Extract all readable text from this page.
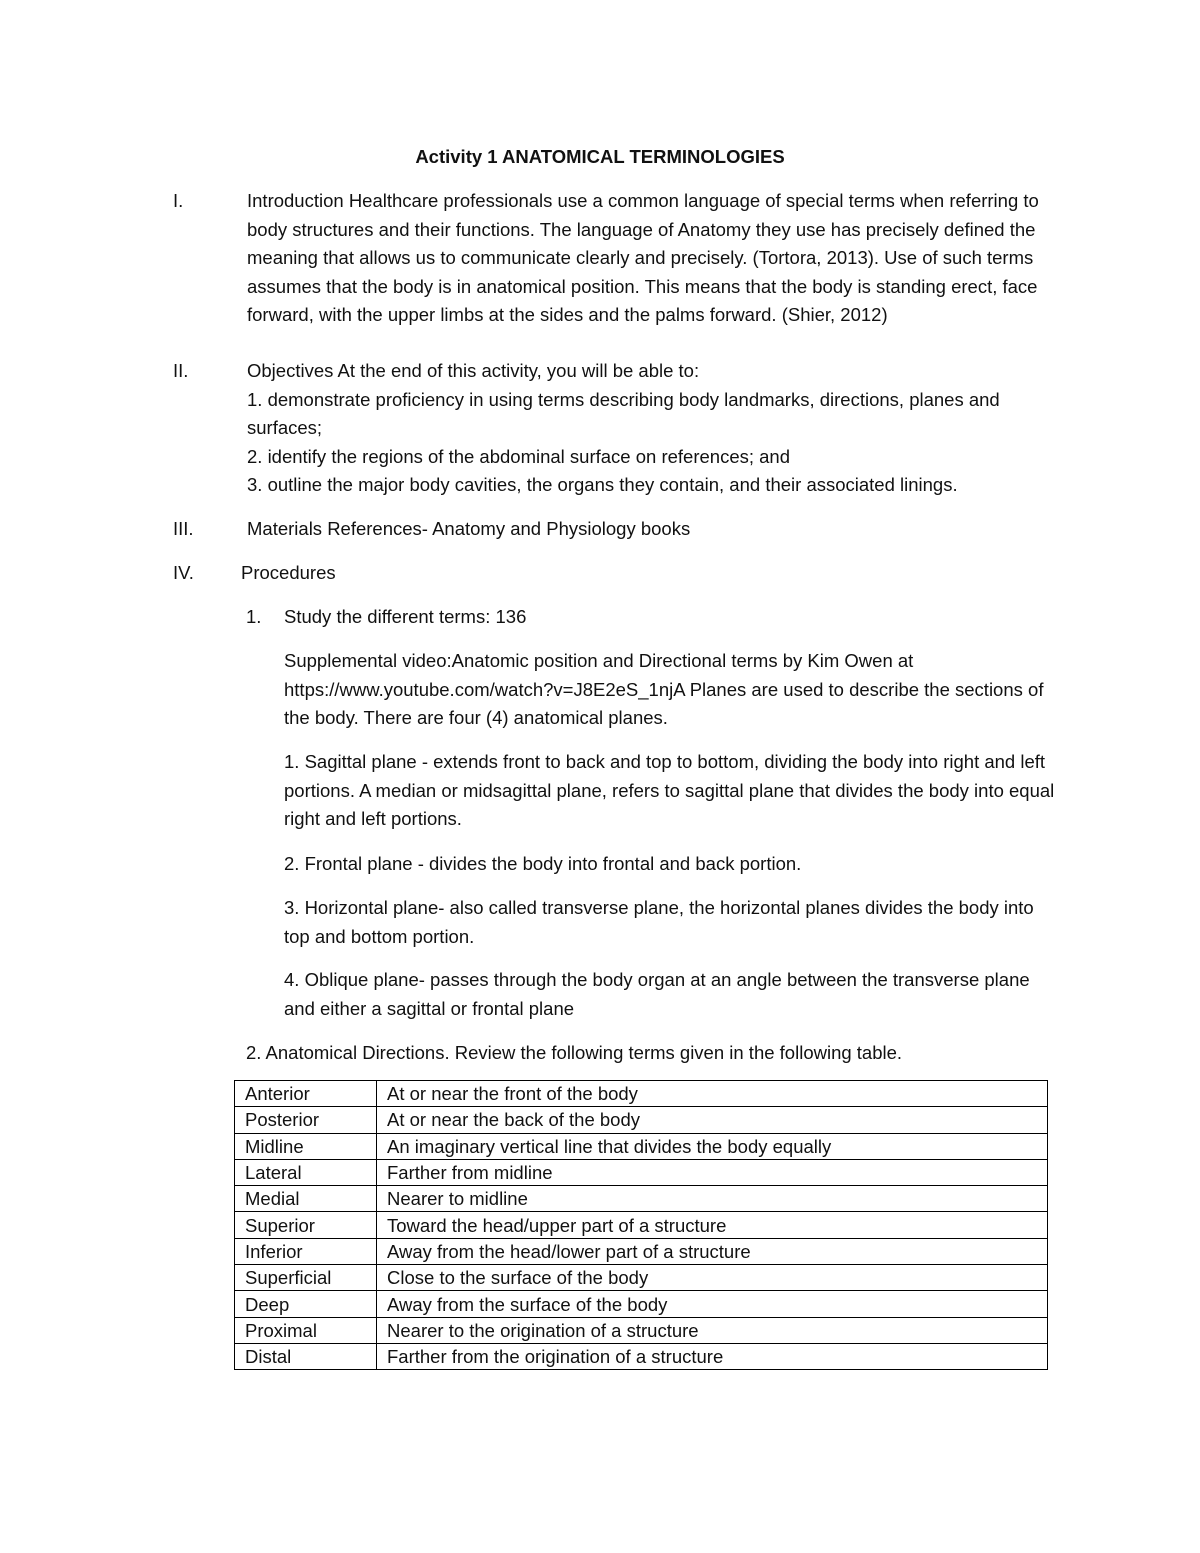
Activity 1 ANATOMICAL TERMINOLOGIES
I.	Introduction Healthcare professionals use a common language of special terms when referring to body structures and their functions. The language of Anatomy they use has precisely defined the meaning that allows us to communicate clearly and precisely. (Tortora, 2013). Use of such terms assumes that the body is in anatomical position. This means that the body is standing erect, face forward, with the upper limbs at the sides and the palms forward. (Shier, 2012)

II.	Objectives At the end of this activity, you will be able to:

1. demonstrate proficiency in using terms describing body landmarks, directions, planes and surfaces;

2. identify the regions of the abdominal surface on references; and

3. outline the major body cavities, the organs they contain, and their associated linings.

III.	Materials References- Anatomy and Physiology books

IV.	Procedures

1. Study the different terms: 136

Supplemental video:Anatomic position and Directional terms by Kim Owen at https://www.youtube.com/watch?v=J8E2eS_1njA Planes are used to describe the sections of the body. There are four (4) anatomical planes.

1. Sagittal plane - extends front to back and top to bottom, dividing the body into right and left portions. A median or midsagittal plane, refers to sagittal plane that divides the body into equal right and left portions.

2. Frontal plane - divides the body into frontal and back portion.

3. Horizontal plane- also called transverse plane, the horizontal planes divides the body into top and bottom portion.

4. Oblique plane- passes through the body organ at an angle between the transverse plane and either a sagittal or frontal plane

2. Anatomical Directions. Review the following terms given in the following table.

Anterior	At or near the front of the body
Posterior	At or near the back of the body
Midline	An imaginary vertical line that divides the body equally
Lateral	Farther from midline
Medial	Nearer to midline
Superior	Toward the head/upper part of a structure
Inferior	Away from the head/lower part of a structure
Superficial	Close to the surface of the body
Deep	Away from the surface of the body
Proximal	Nearer to the origination of a structure
Distal	Farther from the origination of a structure
